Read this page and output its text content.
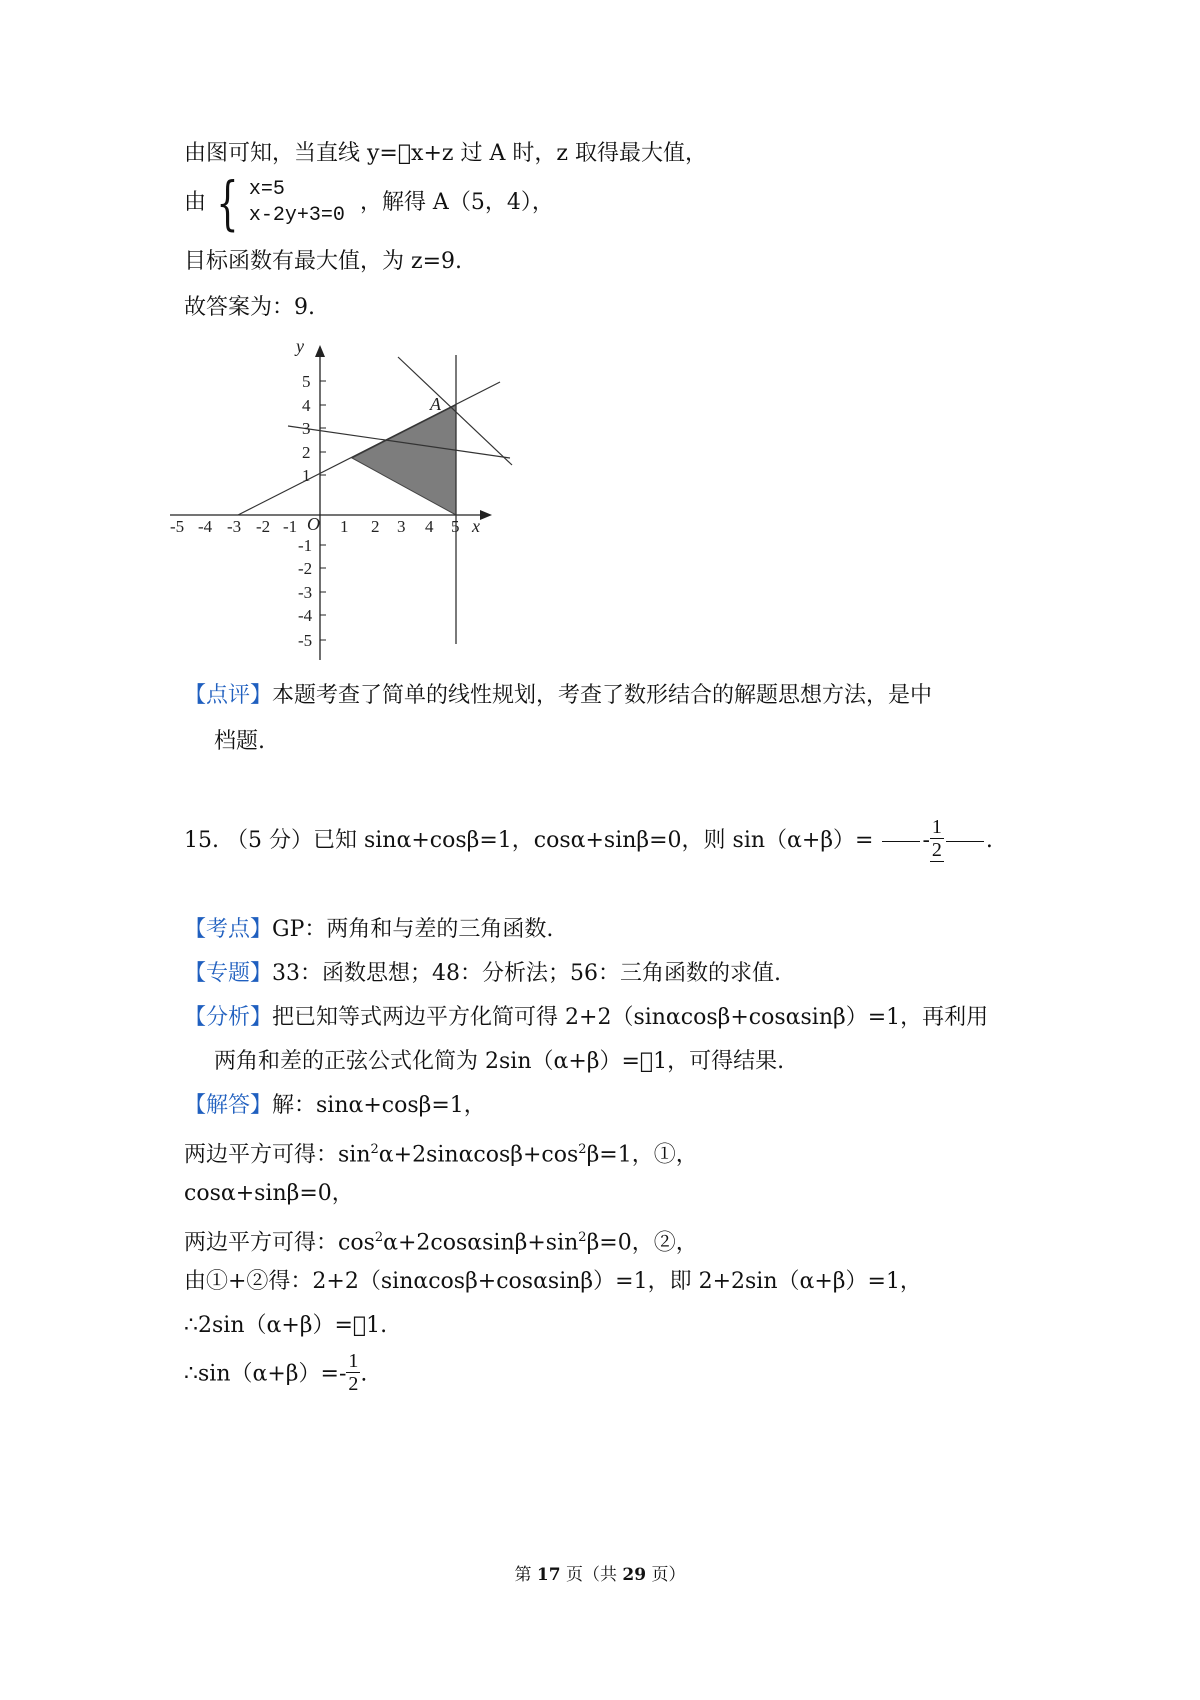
由图可知，当直线 y= x+z 过 A 时，z 取得最大值，
由 { x=5
x-2y+3=0
，解得 A（5，4），
目标函数有最大值，为 z=9.
故答案为：9.
y
x
O
A
-5 -4 -3 -2 -1	1 2 3 4 5
5
4
3
2
1
-1
-2
-3
-4
-5
【点评】本题考查了简单的线性规划，考查了数形结合的解题思想方法，是中
档题.
15. （5 分）已知 sinα+cosβ=1，cosα+sinβ=0，则 $\sin(\alpha+\beta)= - \frac{1}{2}$ .
【考点】GP：两角和与差的三角函数.
【专题】33：函数思想；48：分析法；56：三角函数的求值.
【分析】把已知等式两边平方化简可得 2+2（sinαcosβ+cosαsinβ）=1，再利用
两角和差的正弦公式化简为 2sin（α+β）= 1，可得结果.
【解答】解：sinα+cosβ=1，
两边平方可得：$\sin^2\alpha+2\sin\alpha\cos\beta+\cos^2\beta=1$，①，
cosα+sinβ=0，
两边平方可得：$\cos^2\alpha+2\cos\alpha\sin\beta+\sin^2\beta=0$，②，
由①+②得：2+2（sinαcosβ+cosαsinβ）=1，即 2+2sin（α+β）=1，
∴2sin（α+β）= 1.
∴sin（α+β）=- $\frac{1}{2}$ .
第 17 页（共 29 页）
